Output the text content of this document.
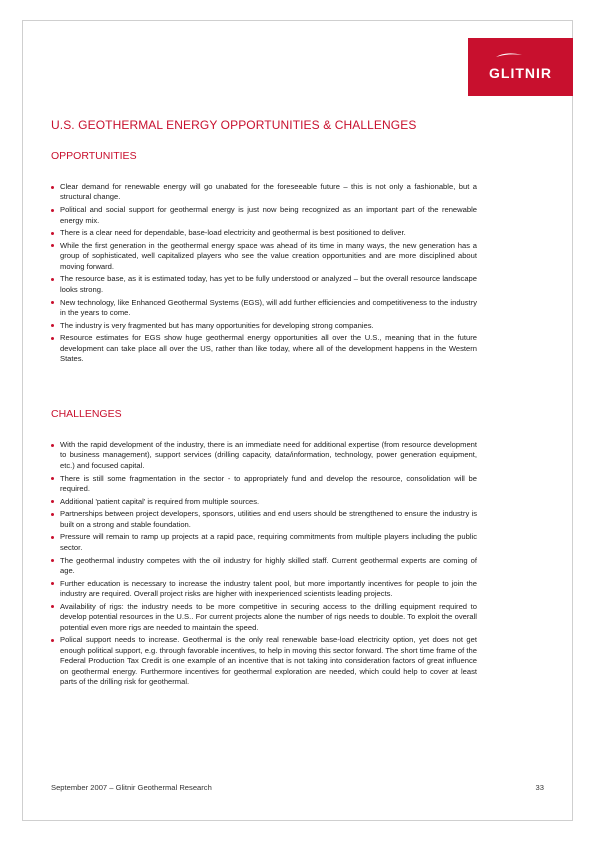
GLITNIR
U.S. GEOTHERMAL ENERGY OPPORTUNITIES & CHALLENGES
OPPORTUNITIES
Clear demand for renewable energy will go unabated for the foreseeable future – this is not only a fashionable, but a structural change.
Political and social support for geothermal energy is just now being recognized as an important part of the renewable energy mix.
There is a clear need for dependable, base-load electricity and geothermal is best positioned to deliver.
While the first generation in the geothermal energy space was ahead of its time in many ways, the new generation has a group of sophisticated, well capitalized players who see the value creation opportunities and are more disciplined about moving forward.
The resource base, as it is estimated today, has yet to be fully understood or analyzed – but the overall resource landscape looks strong.
New technology, like Enhanced Geothermal Systems (EGS), will add further efficiencies and competitiveness to the industry in the years to come.
The industry is very fragmented but has many opportunities for developing strong companies.
Resource estimates for EGS show huge geothermal energy opportunities all over the U.S., meaning that in the future development can take place all over the US, rather than like today, where all of the development happens in the Western States.
CHALLENGES
With the rapid development of the industry, there is an immediate need for additional expertise (from resource development to business management), support services (drilling capacity, data/information, technology, power generation equipment, etc.) and focused capital.
There is still some fragmentation in the sector - to appropriately fund and develop the resource, consolidation will be required.
Additional 'patient capital' is required from multiple sources.
Partnerships between project developers, sponsors, utilities and end users should be strengthened to ensure the industry is built on a strong and stable foundation.
Pressure will remain to ramp up projects at a rapid pace, requiring commitments from multiple players including the public sector.
The geothermal industry competes with the oil industry for highly skilled staff. Current geothermal experts are coming of age.
Further education is necessary to increase the industry talent pool, but more importantly incentives for people to join the industry are required. Overall project risks are higher with inexperienced scientists leading projects.
Availability of rigs: the industry needs to be more competitive in securing access to the drilling equipment required to develop potential resources in the U.S.. For current projects alone the number of rigs needs to double. To exploit the overall potential even more rigs are needed to maintain the speed.
Polical support needs to increase. Geothermal is the only real renewable base-load electricity option, yet does not get enough political support, e.g. through favorable incentives, to help in moving this sector forward. The short time frame of the Federal Production Tax Credit is one example of an incentive that is not taking into consideration factors of great influence on geothermal energy. Furthermore incentives for geothermal exploration are needed, which could help to cover at least parts of the drilling risk for geothermal.
September 2007 – Glitnir Geothermal Research	33
